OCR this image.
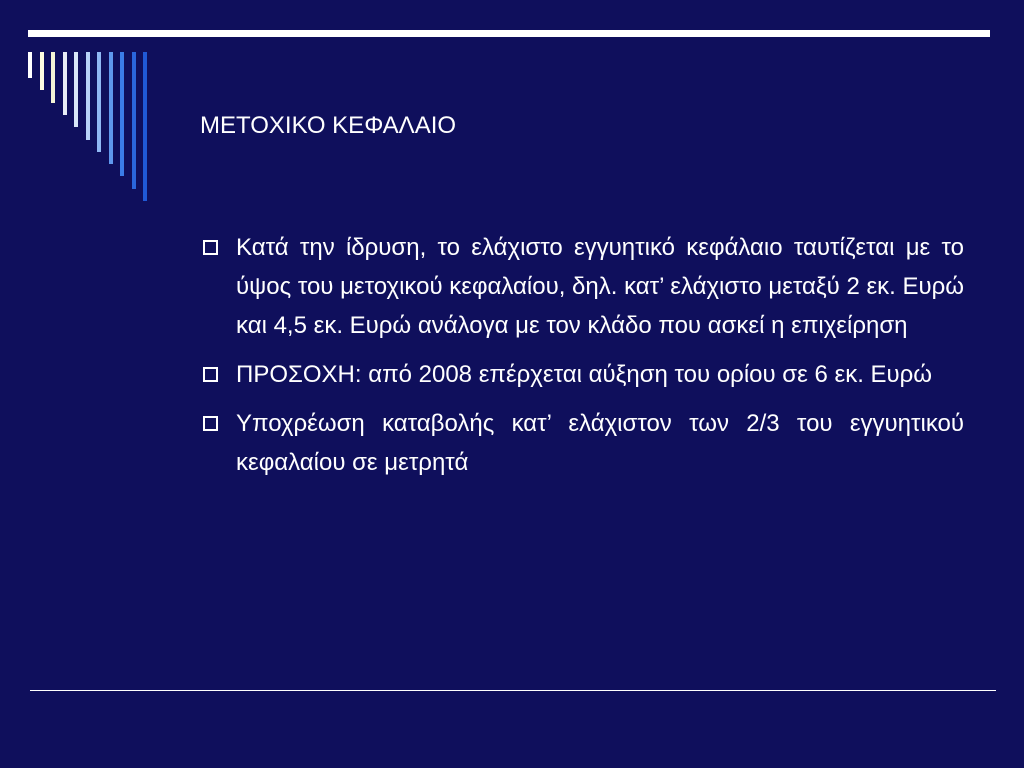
ΜΕΤΟΧΙΚΟ ΚΕΦΑΛΑΙΟ
Κατά την ίδρυση, το ελάχιστο εγγυητικό κεφάλαιο ταυτίζεται με το ύψος του μετοχικού κεφαλαίου, δηλ. κατ’ ελάχιστο μεταξύ 2 εκ. Ευρώ και 4,5 εκ. Ευρώ ανάλογα με τον κλάδο που ασκεί η επιχείρηση
ΠΡΟΣΟΧΗ: από 2008 επέρχεται αύξηση του ορίου σε 6 εκ. Ευρώ
Υποχρέωση καταβολής κατ’ ελάχιστον των 2/3 του εγγυητικού κεφαλαίου σε μετρητά
